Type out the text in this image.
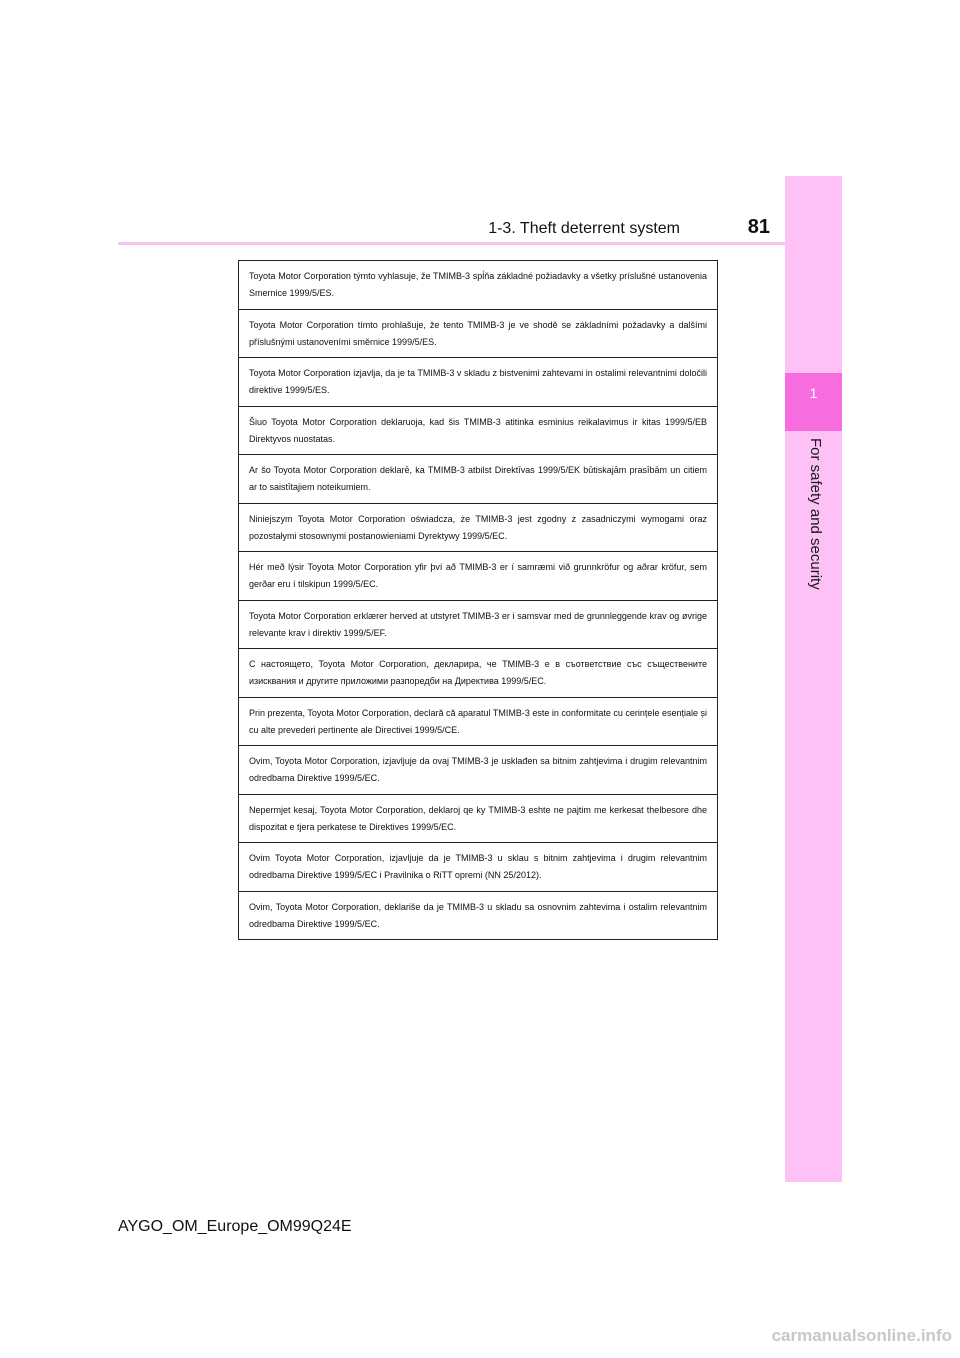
1
For safety and security
1-3. Theft deterrent system	81
Toyota Motor Corporation týmto vyhlasuje, že TMIMB-3 spĺňa základné požiadavky a všetky príslušné ustanovenia Smernice 1999/5/ES.
Toyota Motor Corporation tímto prohlašuje, že tento TMIMB-3 je ve shodě se základními požadavky a dalšími příslušnými ustanoveními směrnice 1999/5/ES.
Toyota Motor Corporation izjavlja, da je ta TMIMB-3 v skladu z bistvenimi zahtevami in ostalimi relevantnimi določili direktive 1999/5/ES.
Šiuo Toyota Motor Corporation deklaruoja, kad šis TMIMB-3 atitinka esminius reikalavimus ir kitas 1999/5/EB Direktyvos nuostatas.
Ar šo Toyota Motor Corporation deklarē, ka TMIMB-3 atbilst Direktīvas 1999/5/EK būtiskajām prasībām un citiem ar to saistītajiem noteikumiem.
Niniejszym Toyota Motor Corporation oświadcza, że TMIMB-3 jest zgodny z zasadniczymi wymogami oraz pozostałymi stosownymi postanowieniami Dyrektywy 1999/5/EC.
Hér með lýsir Toyota Motor Corporation yfir því að TMIMB-3 er í samræmi við grunnkröfur og aðrar kröfur, sem gerðar eru í tilskipun 1999/5/EC.
Toyota Motor Corporation erklærer herved at utstyret TMIMB-3 er i samsvar med de grunnleggende krav og øvrige relevante krav i direktiv 1999/5/EF.
С настоящето, Toyota Motor Corporation, декларира, че TMIMB-3 е в съответствие със съществените изисквания и другите приложими разпоредби на Директива 1999/5/ЕС.
Prin prezenta, Toyota Motor Corporation, declară că aparatul TMIMB-3 este in conformitate cu cerințele esențiale și cu alte prevederi pertinente ale Directivei 1999/5/CE.
Ovim, Toyota Motor Corporation, izjavljuje da ovaj TMIMB-3 je usklađen sa bitnim zahtjevima i drugim relevantnim odredbama Direktive 1999/5/EC.
Nepermjet kesaj, Toyota Motor Corporation, deklaroj qe ky TMIMB-3 eshte ne pajtim me kerkesat thelbesore dhe dispozitat e tjera perkatese te Direktives 1999/5/EC.
Ovim Toyota Motor Corporation, izjavljuje da je TMIMB-3 u sklau s bitnim zahtjevima i drugim relevantnim odredbama Direktive 1999/5/EC i Pravilnika o RiTT opremi (NN 25/2012).
Ovim, Toyota Motor Corporation, deklariše da je TMIMB-3 u skladu sa osnovnim zahtevima i ostalim relevantnim odredbama Direktive 1999/5/EC.
AYGO_OM_Europe_OM99Q24E
carmanualsonline.info
